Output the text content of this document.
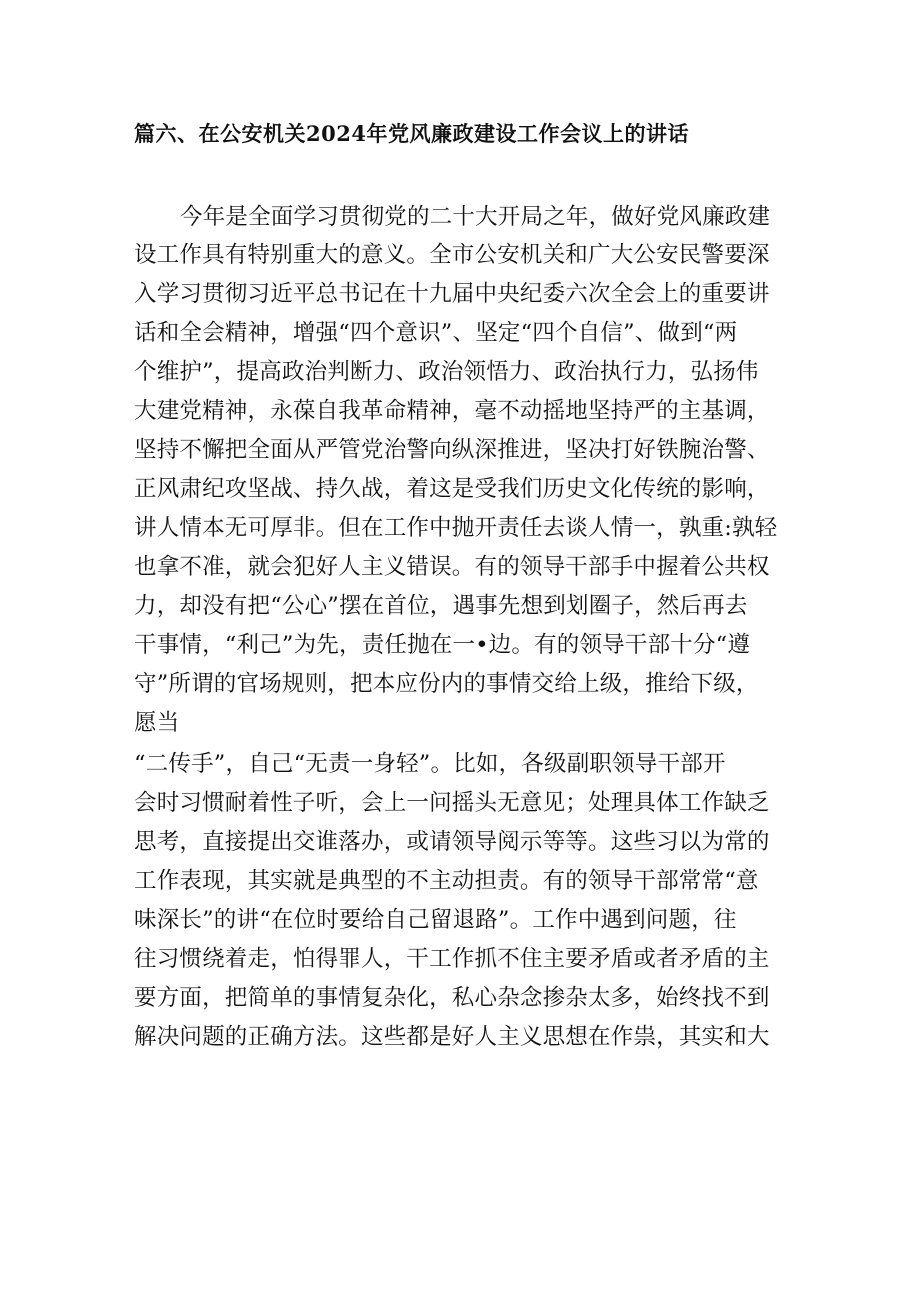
篇六、在公安机关2024年党风廉政建设工作会议上的讲话
今年是全面学习贯彻党的二十大开局之年，做好党风廉政建
设工作具有特别重大的意义。全市公安机关和广大公安民警要深
入学习贯彻习近平总书记在十九届中央纪委六次全会上的重要讲
话和全会精神，增强“四个意识”、坚定“四个自信”、做到“两
个维护”，提高政治判断力、政治领悟力、政治执行力，弘扬伟
大建党精神，永葆自我革命精神，毫不动摇地坚持严的主基调，
坚持不懈把全面从严管党治警向纵深推进，坚决打好铁腕治警、
正风肃纪攻坚战、持久战，着这是受我们历史文化传统的影响，
讲人情本无可厚非。但在工作中抛开责任去谈人情一，孰重:孰轻
也拿不准，就会犯好人主义错误。有的领导干部手中握着公共权
力，却没有把“公心”摆在首位，遇事先想到划圈子，然后再去
干事情，“利己”为先，责任抛在一•边。有的领导干部十分“遵
守”所谓的官场规则，把本应份内的事情交给上级，推给下级，
愿当
“二传手”，自己“无责一身轻”。比如，各级副职领导干部开
会时习惯耐着性子听，会上一问摇头无意见；处理具体工作缺乏
思考，直接提出交谁落办，或请领导阅示等等。这些习以为常的
工作表现，其实就是典型的不主动担责。有的领导干部常常“意
味深长”的讲“在位时要给自己留退路”。工作中遇到问题，往
往习惯绕着走，怕得罪人，干工作抓不住主要矛盾或者矛盾的主
要方面，把简单的事情复杂化，私心杂念掺杂太多，始终找不到
解决问题的正确方法。这些都是好人主义思想在作祟，其实和大
